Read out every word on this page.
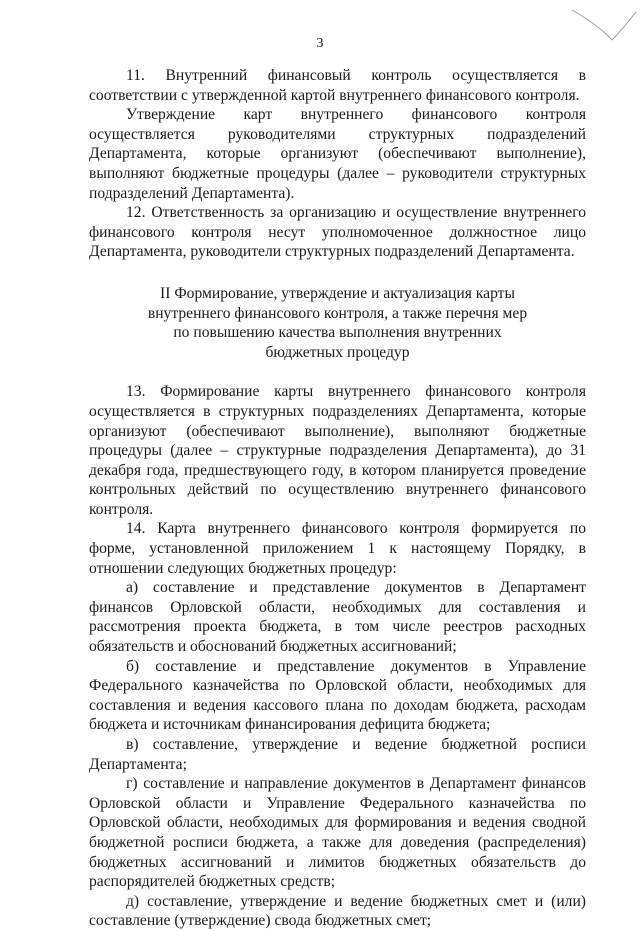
3

11. Внутренний финансовый контроль осуществляется в соответствии с утвержденной картой внутреннего финансового контроля.

Утверждение карт внутреннего финансового контроля осуществляется руководителями структурных подразделений Департамента, которые организуют (обеспечивают выполнение), выполняют бюджетные процедуры (далее – руководители структурных подразделений Департамента).

12. Ответственность за организацию и осуществление внутреннего финансового контроля несут уполномоченное должностное лицо Департамента, руководители структурных подразделений Департамента.

II Формирование, утверждение и актуализация карты
внутреннего финансового контроля, а также перечня мер
по повышению качества выполнения внутренних
бюджетных процедур

13. Формирование карты внутреннего финансового контроля осуществляется в структурных подразделениях Департамента, которые организуют (обеспечивают выполнение), выполняют бюджетные процедуры (далее – структурные подразделения Департамента), до 31 декабря года, предшествующего году, в котором планируется проведение контрольных действий по осуществлению внутреннего финансового контроля.

14. Карта внутреннего финансового контроля формируется по форме, установленной приложением 1 к настоящему Порядку, в отношении следующих бюджетных процедур:

а) составление и представление документов в Департамент финансов Орловской области, необходимых для составления и рассмотрения проекта бюджета, в том числе реестров расходных обязательств и обоснований бюджетных ассигнований;

б) составление и представление документов в Управление Федерального казначейства по Орловской области, необходимых для составления и ведения кассового плана по доходам бюджета, расходам бюджета и источникам финансирования дефицита бюджета;

в) составление, утверждение и ведение бюджетной росписи Департамента;

г) составление и направление документов в Департамент финансов Орловской области и Управление Федерального казначейства по Орловской области, необходимых для формирования и ведения сводной бюджетной росписи бюджета, а также для доведения (распределения) бюджетных ассигнований и лимитов бюджетных обязательств до распорядителей бюджетных средств;

д) составление, утверждение и ведение бюджетных смет и (или) составление (утверждение) свода бюджетных смет;
